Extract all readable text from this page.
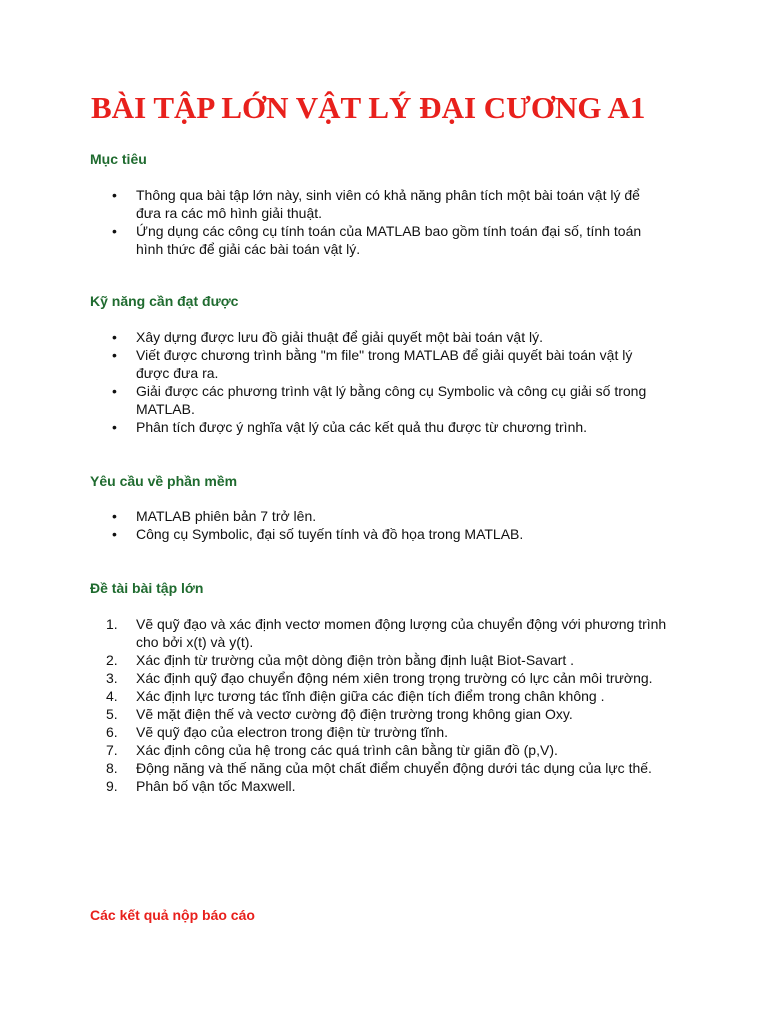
BÀI TẬP LỚN VẬT LÝ ĐẠI CƯƠNG A1
Mục tiêu
• Thông qua bài tập lớn này, sinh viên có khả năng phân tích một bài toán vật lý để đưa ra các mô hình giải thuật.
• Ứng dụng các công cụ tính toán của MATLAB bao gồm tính toán đại số, tính toán hình thức để giải các bài toán vật lý.
Kỹ năng cần đạt được
• Xây dựng được lưu đồ giải thuật để giải quyết một bài toán vật lý.
• Viết được chương trình bằng "m file" trong MATLAB để giải quyết bài toán vật lý được đưa ra.
• Giải được các phương trình vật lý bằng công cụ Symbolic và công cụ giải số trong MATLAB.
• Phân tích được ý nghĩa vật lý của các kết quả thu được từ chương trình.
Yêu cầu về phần mềm
• MATLAB phiên bản 7 trở lên.
• Công cụ Symbolic, đại số tuyến tính và đồ họa trong MATLAB.
Đề tài bài tập lớn
1. Vẽ quỹ đạo và xác định vectơ momen động lượng của chuyển động với phương trình cho bởi x(t) và y(t).
2. Xác định từ trường của một dòng điện tròn bằng định luật Biot-Savart .
3. Xác định quỹ đạo chuyển động ném xiên trong trọng trường có lực cản môi trường.
4. Xác định lực tương tác tĩnh điện giữa các điện tích điểm trong chân không .
5. Vẽ mặt điện thế và vectơ cường độ điện trường trong không gian Oxy.
6. Vẽ quỹ đạo của electron trong điện từ trường tĩnh.
7. Xác định công của hệ trong các quá trình cân bằng từ giãn đồ (p,V).
8. Động năng và thế năng của một chất điểm chuyển động dưới tác dụng của lực thế.
9. Phân bố vận tốc Maxwell.
Các kết quả nộp báo cáo
